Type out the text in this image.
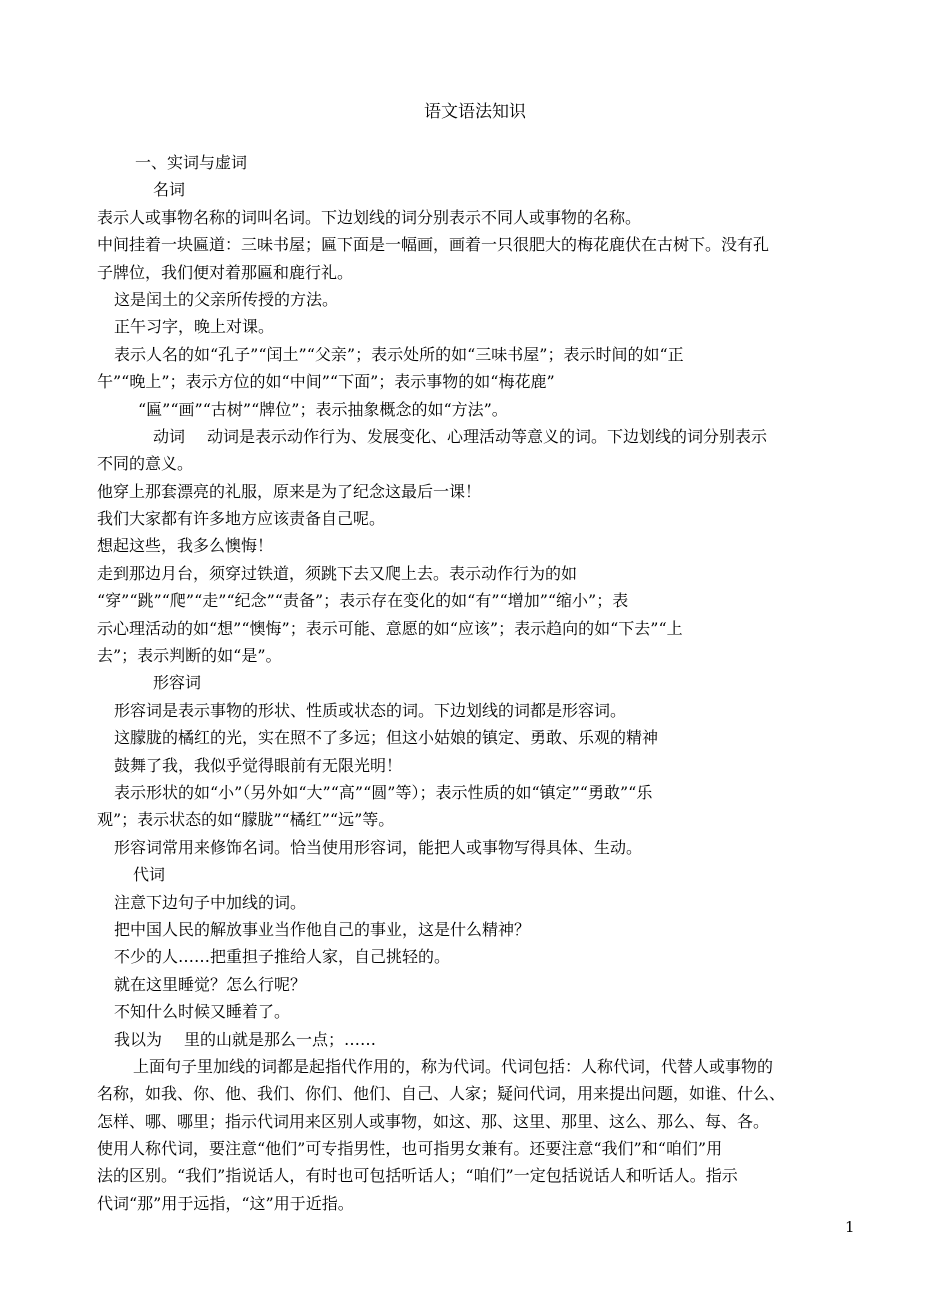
语文语法知识
一、实词与虚词
名词
表示人或事物名称的词叫名词。下边划线的词分别表示不同人或事物的名称。
中间挂着一块匾道：三味书屋；匾下面是一幅画，画着一只很肥大的梅花鹿伏在古树下。没有孔
子牌位，我们便对着那匾和鹿行礼。
这是闰土的父亲所传授的方法。
正午习字，晚上对课。
表示人名的如“孔子”“闰土”“父亲”；表示处所的如“三味书屋”；表示时间的如“正
午”“晚上”；表示方位的如“中间”“下面”；表示事物的如“梅花鹿”
“匾”“画”“古树”“牌位”；表示抽象概念的如“方法”。
动词 动词是表示动作行为、发展变化、心理活动等意义的词。下边划线的词分别表示
不同的意义。
他穿上那套漂亮的礼服，原来是为了纪念这最后一课！
我们大家都有许多地方应该责备自己呢。
想起这些，我多么懊悔！
走到那边月台，须穿过铁道，须跳下去又爬上去。表示动作行为的如
“穿”“跳”“爬”“走”“纪念”“责备”；表示存在变化的如“有”“增加”“缩小”；表
示心理活动的如“想”“懊悔”；表示可能、意愿的如“应该”；表示趋向的如“下去”“上
去”；表示判断的如“是”。
形容词
形容词是表示事物的形状、性质或状态的词。下边划线的词都是形容词。
这朦胧的橘红的光，实在照不了多远；但这小姑娘的镇定、勇敢、乐观的精神
鼓舞了我，我似乎觉得眼前有无限光明！
表示形状的如“小”（另外如“大”“高”“圆”等）；表示性质的如“镇定”“勇敢”“乐
观”；表示状态的如“朦胧”“橘红”“远”等。
形容词常用来修饰名词。恰当使用形容词，能把人或事物写得具体、生动。
代词
注意下边句子中加线的词。
把中国人民的解放事业当作他自己的事业，这是什么精神？
不少的人……把重担子推给人家，自己挑轻的。
就在这里睡觉？怎么行呢？
不知什么时候又睡着了。
我以为 里的山就是那么一点；……
上面句子里加线的词都是起指代作用的，称为代词。代词包括：人称代词，代替人或事物的
名称，如我、你、他、我们、你们、他们、自己、人家；疑问代词，用来提出问题，如谁、什么、
怎样、哪、哪里；指示代词用来区别人或事物，如这、那、这里、那里、这么、那么、每、各。
使用人称代词，要注意“他们”可专指男性，也可指男女兼有。还要注意“我们”和“咱们”用
法的区别。“我们”指说话人，有时也可包括听话人；“咱们”一定包括说话人和听话人。指示
代词“那”用于远指，“这”用于近指。
1
